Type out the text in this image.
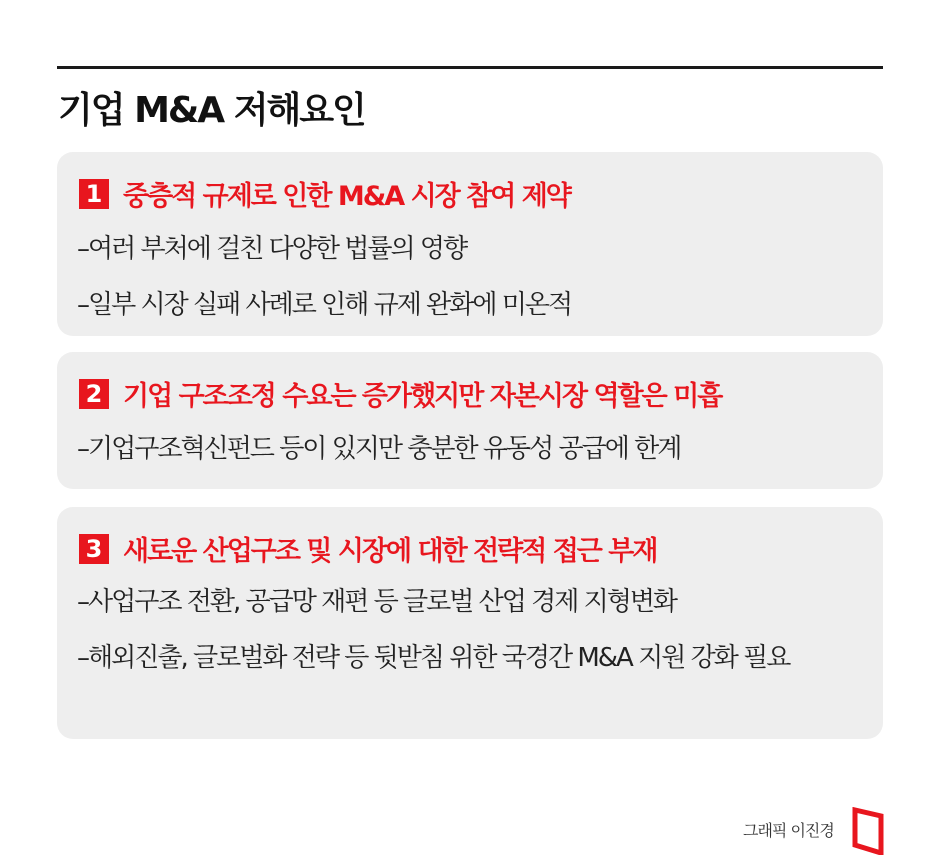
기업 M&A 저해요인
1 중층적 규제로 인한 M&A 시장 참여 제약
–여러 부처에 걸친 다양한 법률의 영향
–일부 시장 실패 사례로 인해 규제 완화에 미온적
2 기업 구조조정 수요는 증가했지만 자본시장 역할은 미흡
–기업구조혁신펀드 등이 있지만 충분한 유동성 공급에 한계
3 새로운 산업구조 및 시장에 대한 전략적 접근 부재
–사업구조 전환, 공급망 재편 등 글로벌 산업 경제 지형변화
–해외진출, 글로벌화 전략 등 뒷받침 위한 국경간 M&A 지원 강화 필요
그래픽 이진경
